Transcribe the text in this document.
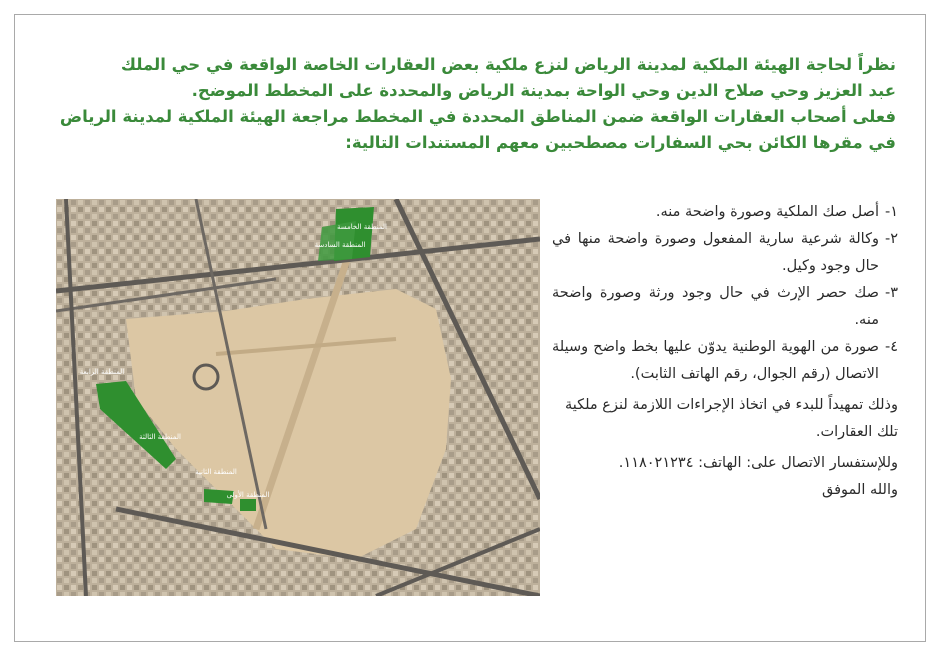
نظراً لحاجة الهيئة الملكية لمدينة الرياض لنزع ملكية بعض العقارات الخاصة الواقعة في حي الملك

عبد العزيز وحي صلاح الدين وحي الواحة بمدينة الرياض والمحددة على المخطط الموضح.

فعلى أصحاب العقارات الواقعة ضمن المناطق المحددة في المخطط مراجعة الهيئة الملكية لمدينة الرياض

في مقرها الكائن بحي السفارات مصطحبين معهم المستندات التالية:

المنطقة الخامسة
المنطقة السادسة
المنطقة الرابعة
المنطقة الثالثة
المنطقة الثانية
المنطقة الأولى
١-
أصل صك الملكية وصورة واضحة منه.
٢-
وكالة شرعية سارية المفعول وصورة واضحة منها في حال وجود وكيل.
٣-
صك حصر الإرث في حال وجود ورثة وصورة واضحة منه.
٤-
صورة من الهوية الوطنية يدوّن عليها بخط واضح وسيلة الاتصال (رقم الجوال، رقم الهاتف الثابت).

وذلك تمهيداً للبدء في اتخاذ الإجراءات اللازمة لنزع ملكية تلك العقارات.

وللإستفسار الاتصال على: الهاتف: ١١٨٠٢١٢٣٤.

والله الموفق
